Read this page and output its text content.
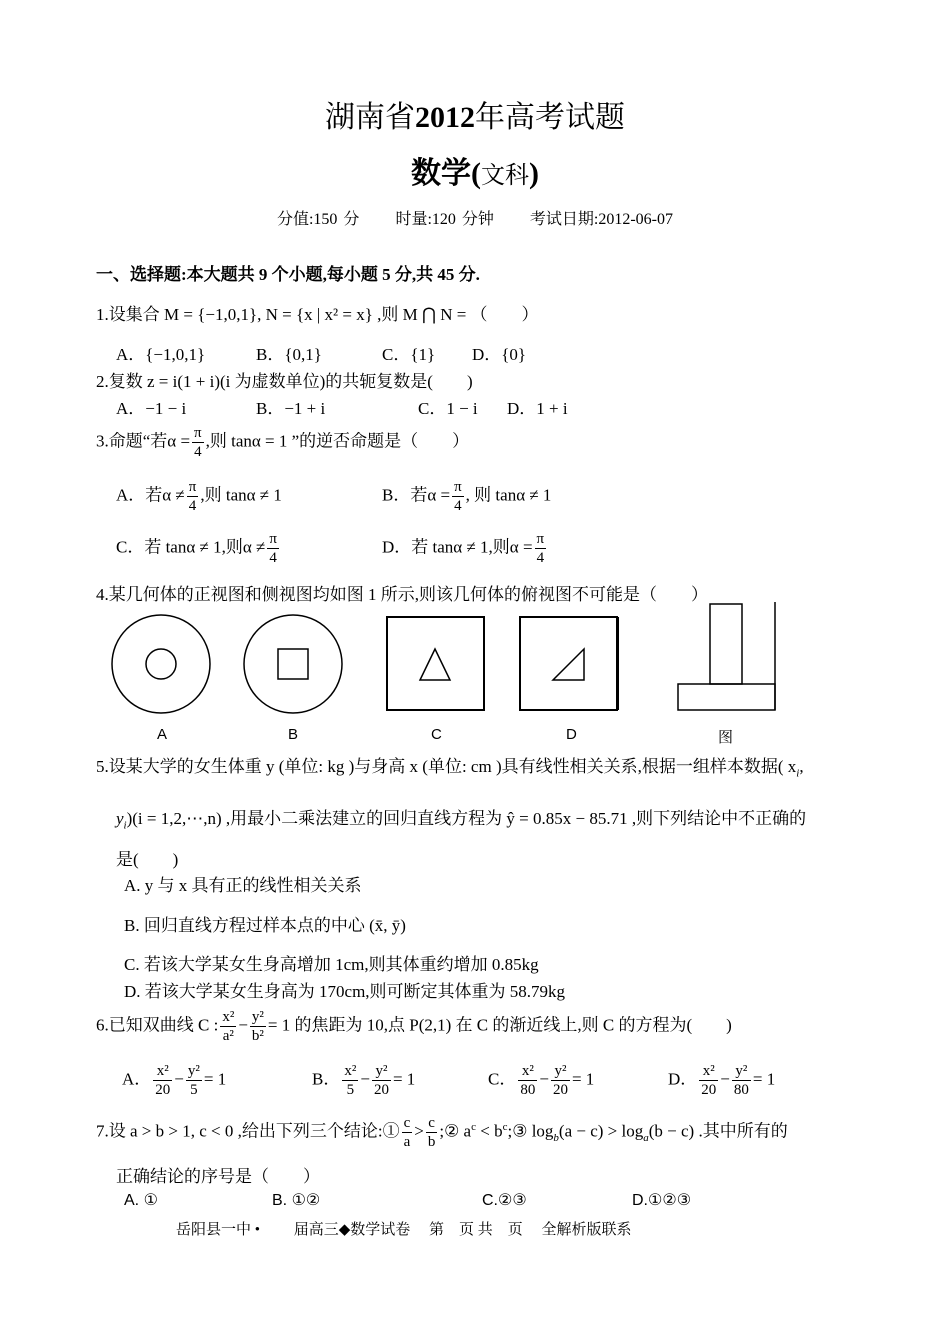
湖南省2012年高考试题
数学(文科)
分值:150 分 时量:120 分钟 考试日期:2012-06-07
一、选择题:本大题共 9 个小题,每小题 5 分,共 45 分.
1.设集合 M = {−1,0,1}, N = {x | x² = x} ,则 M ⋂ N = （　　）
A．{−1,0,1}	B．{0,1}	C．{1} D．{0}
2.复数 z = i(1 + i)(i 为虚数单位)的共轭复数是(　　)
A．−1 − i	B．−1 + i	C．1 − i D．1 + i
3.命题“若$\alpha = \frac{\pi}{4}$ ,则 tanα = 1 ”的逆否命题是（　　）
A．若$\alpha \ne \frac{\pi}{4}$ ,则 tanα ≠ 1	B．若$\alpha = \frac{\pi}{4}$ , 则 tanα ≠ 1
C．若 tanα ≠ 1,则$\alpha \ne \frac{\pi}{4}$	D．若 tanα ≠ 1,则$\alpha = \frac{\pi}{4}$
4.某几何体的正视图和侧视图均如图 1 所示,则该几何体的俯视图不可能是（　　）
A	B	C	D	图
5.设某大学的女生体重 y (单位: kg )与身高 x (单位: cm )具有线性相关关系,根据一组样本数据( $x_i$,
$y_i)(i$ = 1,2,⋯,n) ,用最小二乘法建立的回归直线方程为 ŷ = 0.85x − 85.71 ,则下列结论中不正确的
是(　　)
A. y 与 x 具有正的线性相关关系
B. 回归直线方程过样本点的中心 (x̄, ȳ)
C. 若该大学某女生身高增加 1cm,则其体重约增加 0.85kg
D. 若该大学某女生身高为 170cm,则可断定其体重为 58.79kg
6.已知双曲线 C : $\frac{\text{x²}}{\text{a²}} - \frac{\text{y²}}{\text{b²}} = 1$ 的焦距为 10,点 P(2,1) 在 C 的渐近线上,则 C 的方程为(　　)
A． $\frac{\text{x²}}{20} - \frac{\text{y²}}{5} = 1$	B． $\frac{\text{x²}}{5} - \frac{\text{y²}}{20} = 1$	C． $\frac{\text{x²}}{80} - \frac{\text{y²}}{20} = 1$	D． $\frac{\text{x²}}{20} - \frac{\text{y²}}{80} = 1$
7.设 a > b > 1, c < 0 ,给出下列三个结论:① $\frac{c}{a} > \frac{c}{b}$ ;② $a^c$ < $b^c;③$ $\log_b(a - c) > \log_a(b - c)$ .其中所有的
正确结论的序号是（　　）
A. ①	B. ①②	C.②③	D.①②③
岳阳县一中 •　　 届高三◆数学试卷　 第　页 共　页　 全解析版联系
